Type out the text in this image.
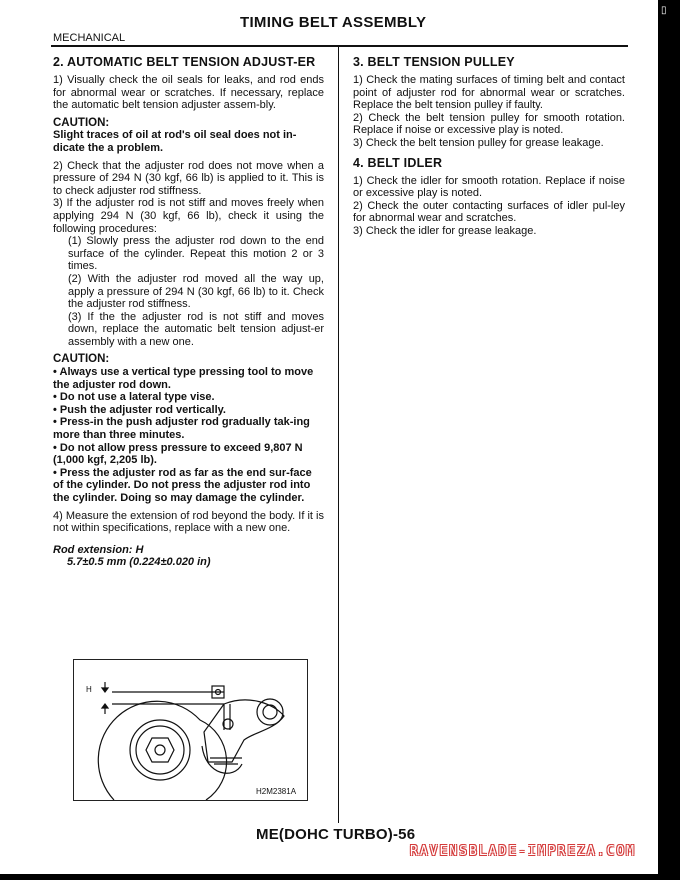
▯
TIMING BELT ASSEMBLY
MECHANICAL

2. AUTOMATIC BELT TENSION ADJUST-ER

1) Visually check the oil seals for leaks, and rod ends for abnormal wear or scratches. If necessary, replace the automatic belt tension adjuster assem-bly.

CAUTION:

Slight traces of oil at rod's oil seal does not in-dicate the a problem.

2) Check that the adjuster rod does not move when a pressure of 294 N (30 kgf, 66 lb) is applied to it. This is to check adjuster rod stiffness.

3) If the adjuster rod is not stiff and moves freely when applying 294 N (30 kgf, 66 lb), check it using the following procedures:

(1) Slowly press the adjuster rod down to the end surface of the cylinder. Repeat this motion 2 or 3 times.

(2) With the adjuster rod moved all the way up, apply a pressure of 294 N (30 kgf, 66 lb) to it. Check the adjuster rod stiffness.

(3) If the the adjuster rod is not stiff and moves down, replace the automatic belt tension adjust-er assembly with a new one.

CAUTION:

• Always use a vertical type pressing tool to move the adjuster rod down.

• Do not use a lateral type vise.

• Push the adjuster rod vertically.

• Press-in the push adjuster rod gradually tak-ing more than three minutes.

• Do not allow press pressure to exceed 9,807 N (1,000 kgf, 2,205 lb).

• Press the adjuster rod as far as the end sur-face of the cylinder. Do not press the adjuster rod into the cylinder. Doing so may damage the cylinder.

4) Measure the extension of rod beyond the body. If it is not within specifications, replace with a new one.

Rod extension: H

5.7±0.5 mm (0.224±0.020 in)

H
H2M2381A

3. BELT TENSION PULLEY

1) Check the mating surfaces of timing belt and contact point of adjuster rod for abnormal wear or scratches. Replace the belt tension pulley if faulty.

2) Check the belt tension pulley for smooth rotation. Replace if noise or excessive play is noted.

3) Check the belt tension pulley for grease leakage.

4. BELT IDLER

1) Check the idler for smooth rotation. Replace if noise or excessive play is noted.

2) Check the outer contacting surfaces of idler pul-ley for abnormal wear and scratches.

3) Check the idler for grease leakage.

ME(DOHC TURBO)-56
RAVENSBLADE-IMPREZA.COM
